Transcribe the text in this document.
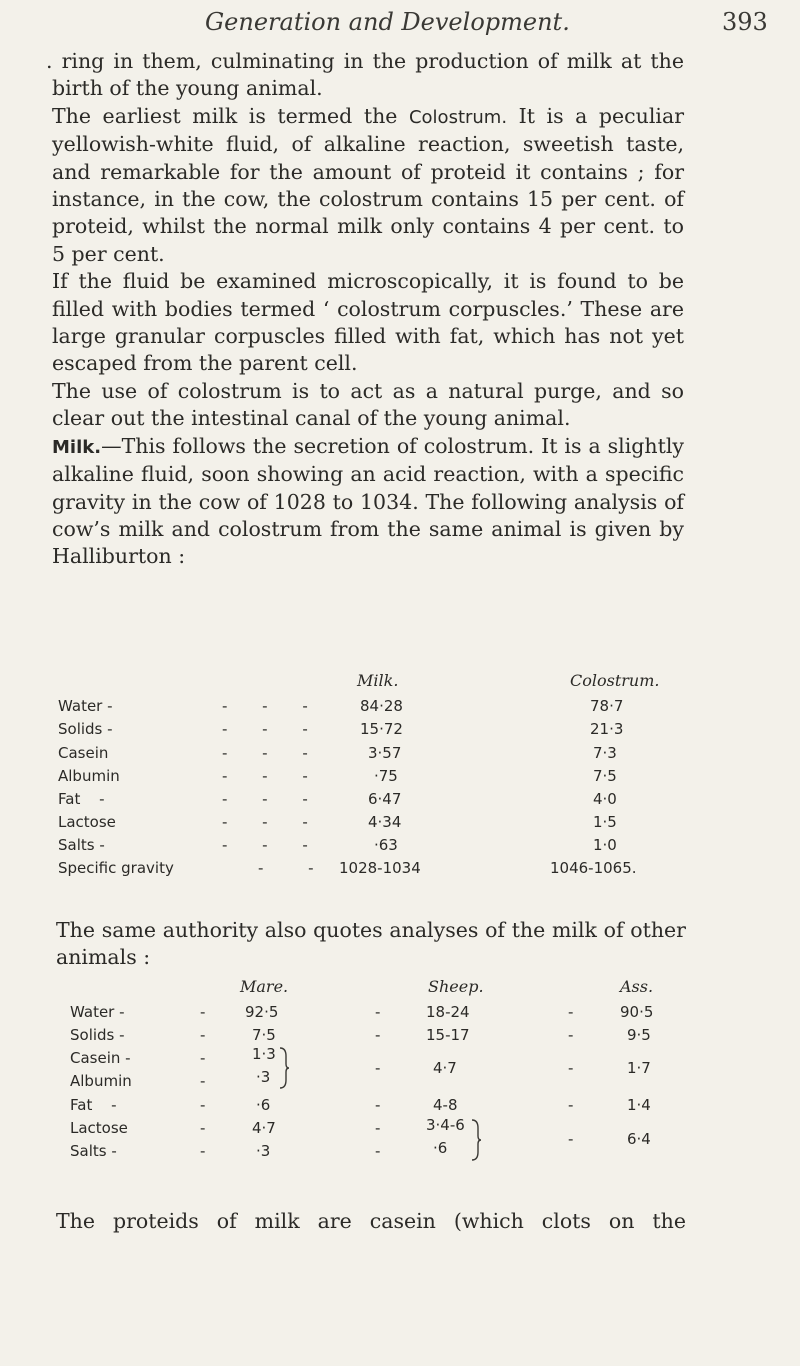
Generation and Development.	393

. ring in them, culminating in the production of milk at the birth of the young animal.

The earliest milk is termed the Colostrum. It is a peculiar yellowish-white fluid, of alkaline reaction, sweetish taste, and remarkable for the amount of proteid it contains ; for instance, in the cow, the colostrum contains 15 per cent. of proteid, whilst the normal milk only contains 4 per cent. to 5 per cent.

If the fluid be examined microscopically, it is found to be filled with bodies termed ‘ colostrum corpuscles.’ These are large granular corpuscles filled with fat, which has not yet escaped from the parent cell.

The use of colostrum is to act as a natural purge, and so clear out the intestinal canal of the young animal.

Milk.—This follows the secretion of colostrum. It is a slightly alkaline fluid, soon showing an acid reaction, with a specific gravity in the cow of 1028 to 1034. The following analysis of cow’s milk and colostrum from the same animal is given by Halliburton :

Milk.	Colostrum.
Water -	- - -	84·28	78·7
Solids -	- - -	15·72	21·3
Casein	- - -	3·57	7·3
Albumin	- - -	·75	7·5
Fat -	- - -	6·47	4·0
Lactose	- - -	4·34	1·5
Salts -	- - -	·63	1·0
Specific gravity	- - 1028-1034	1046-1065.
The same authority also quotes analyses of the milk of other animals :
Mare.	Sheep.	Ass.
Water -	-	92·5	-	18-24	-	90·5
Solids -	-	7·5	-	15-17	-	9·5
Casein -	-	1·3
Albumin	-	·3	-	4·7	-	1·7
Fat -	-	·6	-	4-8	-	1·4
Lactose	-	4·7	-	3·4-6
Salts -	-	·3	-	·6	-	6·4
The proteids of milk are casein (which clots on the
